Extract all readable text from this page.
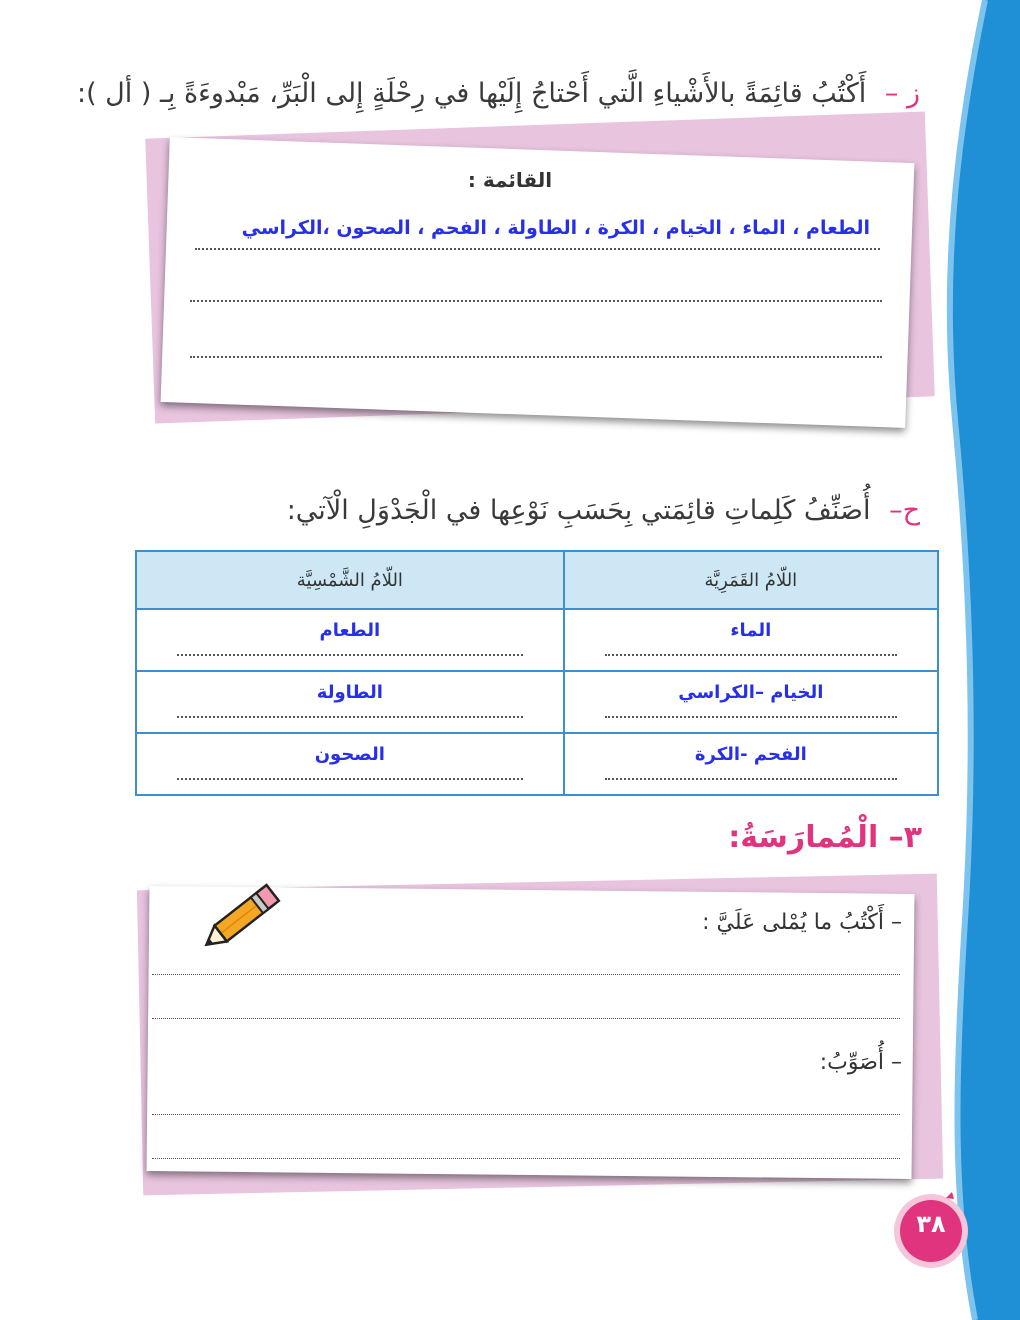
ز – أَكْتُبُ قائِمَةً بالأَشْياءِ الَّتي أَحْتاجُ إِلَيْها في رِحْلَةٍ إِلى الْبَرِّ، مَبْدوءَةً بِـ ( أل ):
القائمة :
الطعام ، الماء ، الخيام ، الكرة ، الطاولة ، الفحم ، الصحون ،الكراسي
ح– أُصَنِّفُ كَلِماتِ قائِمَتي بِحَسَبِ نَوْعِها في الْجَدْوَلِ الْآتي:
اللّامُ القَمَرِيَّة	اللّامُ الشَّمْسِيَّة

الماء	الطعام

الخيام –الكراسي	الطاولة

الفحم -الكرة	الصحون
٣– الْمُمارَسَةُ:
– أَكْتُبُ ما يُمْلى عَلَيَّ :
– أُصَوِّبُ:
٣٨
